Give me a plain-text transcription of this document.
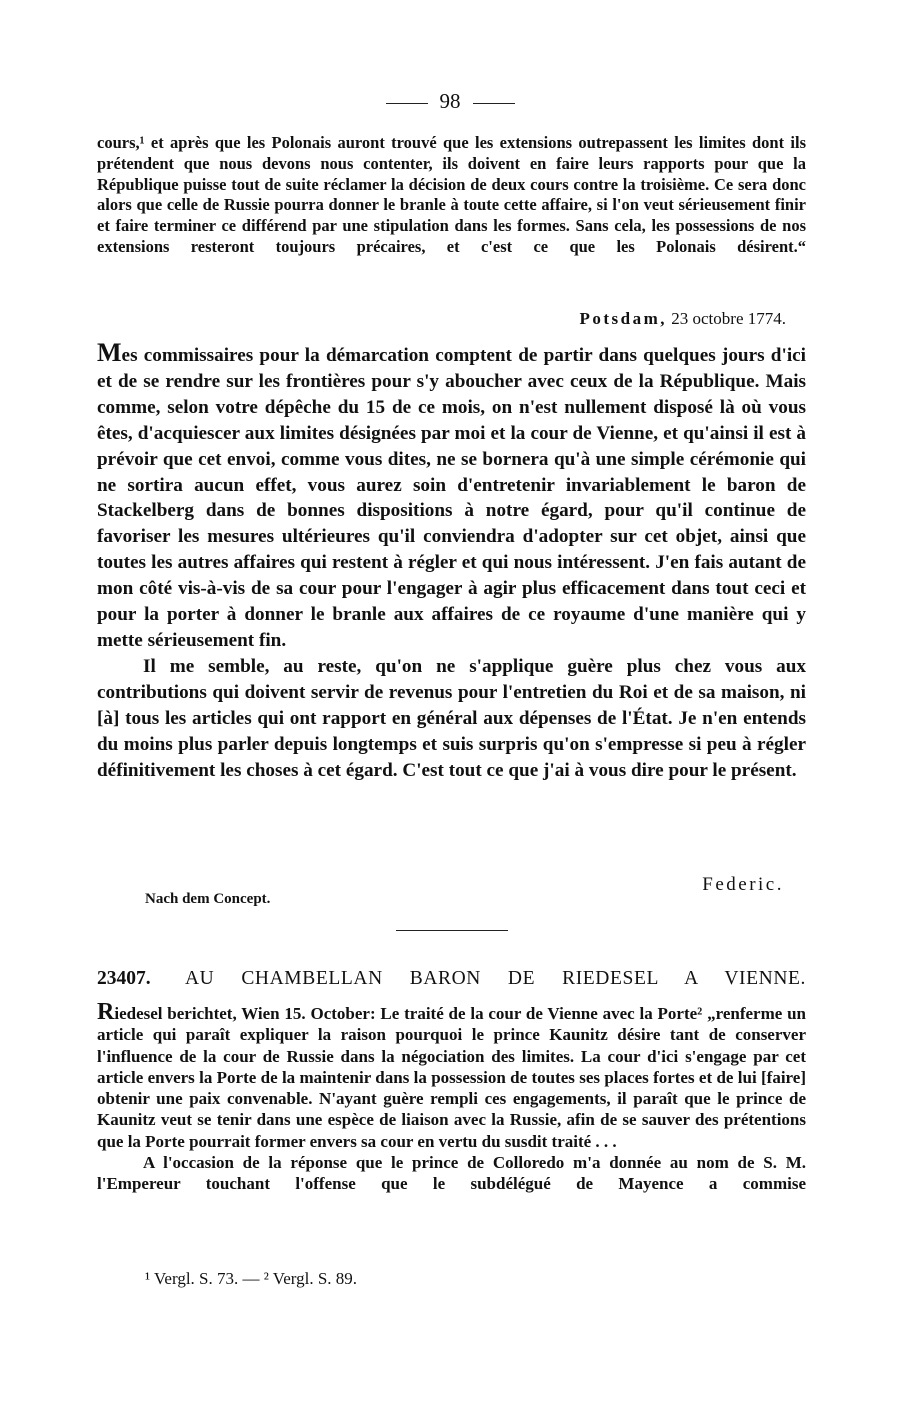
98
cours,¹ et après que les Polonais auront trouvé que les extensions outrepassent les limites dont ils prétendent que nous devons nous contenter, ils doivent en faire leurs rapports pour que la République puisse tout de suite réclamer la décision de deux cours contre la troisième. Ce sera donc alors que celle de Russie pourra donner le branle à toute cette affaire, si l'on veut sérieusement finir et faire terminer ce différend par une stipulation dans les formes. Sans cela, les possessions de nos extensions resteront toujours précaires, et c'est ce que les Polonais désirent.“
Potsdam, 23 octobre 1774.

Mes commissaires pour la démarcation comptent de partir dans quelques jours d'ici et de se rendre sur les frontières pour s'y aboucher avec ceux de la République. Mais comme, selon votre dépêche du 15 de ce mois, on n'est nullement disposé là où vous êtes, d'acquiescer aux limites désignées par moi et la cour de Vienne, et qu'ainsi il est à prévoir que cet envoi, comme vous dites, ne se bornera qu'à une simple cérémonie qui ne sortira aucun effet, vous aurez soin d'entretenir invariablement le baron de Stackelberg dans de bonnes dispositions à notre égard, pour qu'il continue de favoriser les mesures ultérieures qu'il conviendra d'adopter sur cet objet, ainsi que toutes les autres affaires qui restent à régler et qui nous intéressent. J'en fais autant de mon côté vis-à-vis de sa cour pour l'engager à agir plus efficacement dans tout ceci et pour la porter à donner le branle aux affaires de ce royaume d'une manière qui y mette sérieusement fin.

Il me semble, au reste, qu'on ne s'applique guère plus chez vous aux contributions qui doivent servir de revenus pour l'entretien du Roi et de sa maison, ni [à] tous les articles qui ont rapport en général aux dépenses de l'État. Je n'en entends du moins plus parler depuis longtemps et suis surpris qu'on s'empresse si peu à régler définitivement les choses à cet égard. C'est tout ce que j'ai à vous dire pour le présent.

Federic.
Nach dem Concept.
23407. AU CHAMBELLAN BARON DE RIEDESEL A VIENNE.

Riedesel berichtet, Wien 15. October: Le traité de la cour de Vienne avec la Porte² „renferme un article qui paraît expliquer la raison pourquoi le prince Kaunitz désire tant de conserver l'influence de la cour de Russie dans la négociation des limites. La cour d'ici s'engage par cet article envers la Porte de la maintenir dans la possession de toutes ses places fortes et de lui [faire] obtenir une paix convenable. N'ayant guère rempli ces engagements, il paraît que le prince de Kaunitz veut se tenir dans une espèce de liaison avec la Russie, afin de se sauver des prétentions que la Porte pourrait former envers sa cour en vertu du susdit traité . . .

A l'occasion de la réponse que le prince de Colloredo m'a donnée au nom de S. M. l'Empereur touchant l'offense que le subdélégué de Mayence a commise

¹ Vergl. S. 73. — ² Vergl. S. 89.
